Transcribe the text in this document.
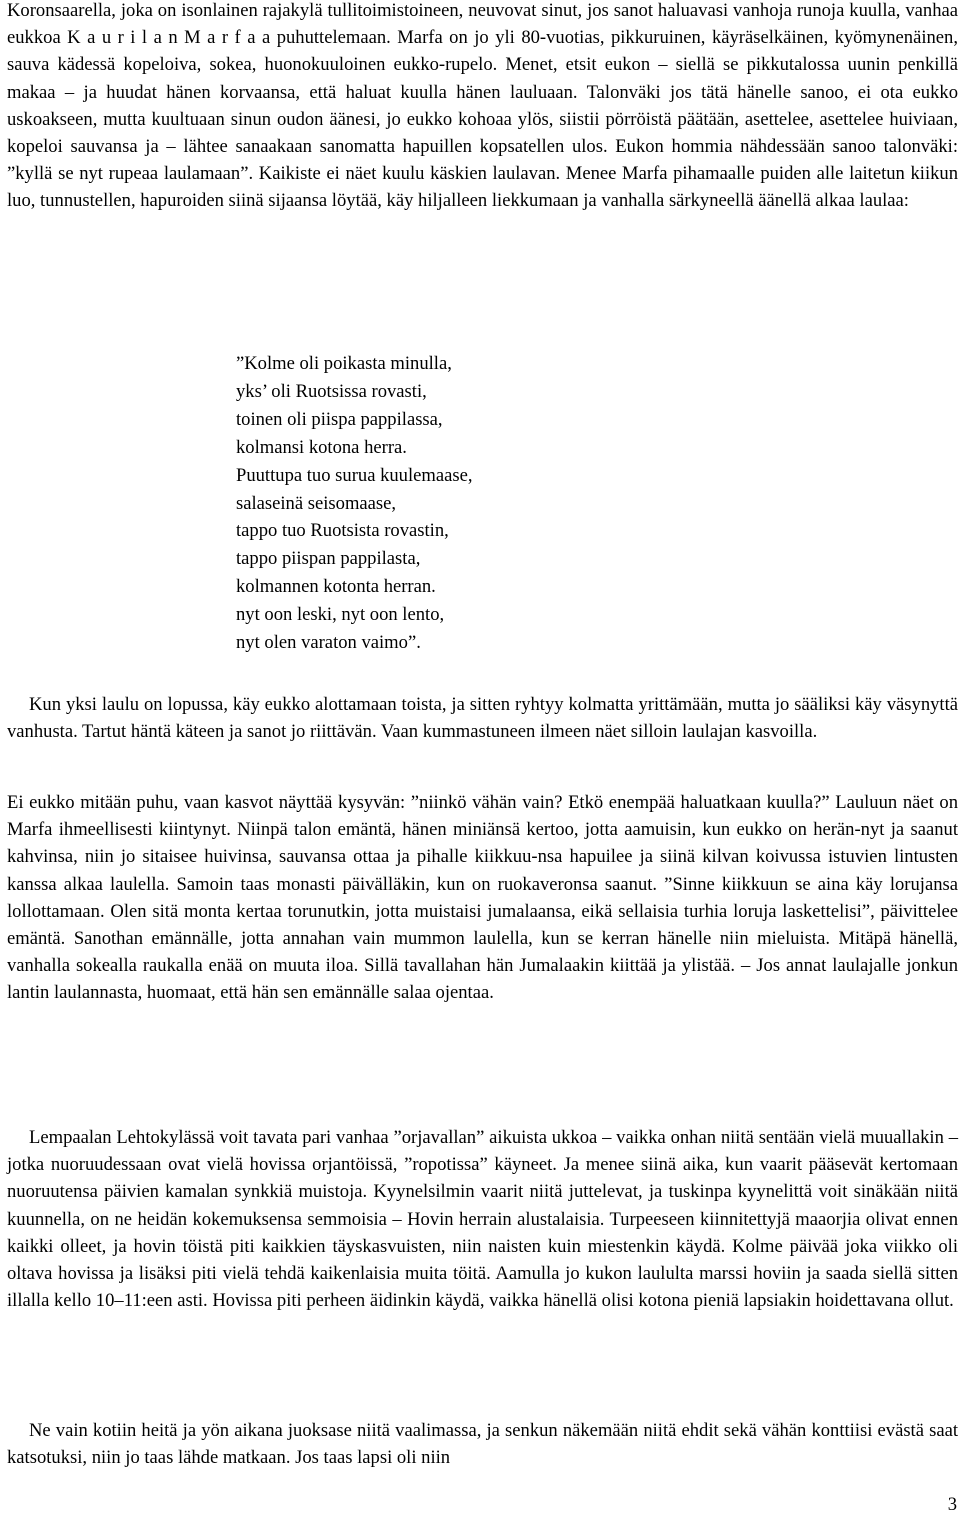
Koronsaarella, joka on isonlainen rajakylä tullitoimistoineen, neuvovat sinut, jos sanot haluavasi vanhoja runoja kuulla, vanhaa eukkoa K a u r i l a n M a r f a a puhuttelemaan. Marfa on jo yli 80-vuotias, pikkuruinen, käyräselkäinen, kyömynenäinen, sauva kädessä kopeloiva, sokea, huonokuuloinen eukko-rupelo. Menet, etsit eukon – siellä se pikkutalossa uunin penkillä makaa – ja huudat hänen korvaansa, että haluat kuulla hänen lauluaan. Talonväki jos tätä hänelle sanoo, ei ota eukko uskoakseen, mutta kuultuaan sinun oudon äänesi, jo eukko kohoaa ylös, siistii pörröistä päätään, asettelee, asettelee huiviaan, kopeloi sauvansa ja – lähtee sanaakaan sanomatta hapuillen kopsatellen ulos. Eukon hommia nähdessään sanoo talonväki: ”kyllä se nyt rupeaa laulamaan”. Kaikiste ei näet kuulu käskien laulavan. Menee Marfa pihamaalle puiden alle laitetun kiikun luo, tunnustellen, hapuroiden siinä sijaansa löytää, käy hiljalleen liekkumaan ja vanhalla särkyneellä äänellä alkaa laulaa:

”Kolme oli poikasta minulla,
yks’ oli Ruotsissa rovasti,
toinen oli piispa pappilassa,
kolmansi kotona herra.
Puuttupa tuo surua kuulemaase,
salaseinä seisomaase,
tappo tuo Ruotsista rovastin,
tappo piispan pappilasta,
kolmannen kotonta herran.
nyt oon leski, nyt oon lento,
nyt olen varaton vaimo”.

Kun yksi laulu on lopussa, käy eukko alottamaan toista, ja sitten ryhtyy kolmatta yrittämään, mutta jo sääliksi käy väsynyttä vanhusta. Tartut häntä käteen ja sanot jo riittävän. Vaan kummastuneen ilmeen näet silloin laulajan kasvoilla.

Ei eukko mitään puhu, vaan kasvot näyttää kysyvän: ”niinkö vähän vain? Etkö enempää haluatkaan kuulla?” Lauluun näet on Marfa ihmeellisesti kiintynyt. Niinpä talon emäntä, hänen miniänsä kertoo, jotta aamuisin, kun eukko on herän-nyt ja saanut kahvinsa, niin jo sitaisee huivinsa, sauvansa ottaa ja pihalle kiikkuu-nsa hapuilee ja siinä kilvan koivussa istuvien lintusten kanssa alkaa laulella. Samoin taas monasti päivälläkin, kun on ruokaveronsa saanut. ”Sinne kiikkuun se aina käy lorujansa lollottamaan. Olen sitä monta kertaa torunutkin, jotta muistaisi jumalaansa, eikä sellaisia turhia loruja laskettelisi”, päivittelee emäntä. Sanothan emännälle, jotta annahan vain mummon laulella, kun se kerran hänelle niin mieluista. Mitäpä hänellä, vanhalla sokealla raukalla enää on muuta iloa. Sillä tavallahan hän Jumalaakin kiittää ja ylistää. – Jos annat laulajalle jonkun lantin laulannasta, huomaat, että hän sen emännälle salaa ojentaa.

Lempaalan Lehtokylässä voit tavata pari vanhaa ”orjavallan” aikuista ukkoa – vaikka onhan niitä sentään vielä muuallakin – jotka nuoruudessaan ovat vielä hovissa orjantöissä, ”ropotissa” käyneet. Ja menee siinä aika, kun vaarit pääsevät kertomaan nuoruutensa päivien kamalan synkkiä muistoja. Kyynelsilmin vaarit niitä juttelevat, ja tuskinpa kyynelittä voit sinäkään niitä kuunnella, on ne heidän kokemuksensa semmoisia – Hovin herrain alustalaisia. Turpeeseen kiinnitettyjä maaorjia olivat ennen kaikki olleet, ja hovin töistä piti kaikkien täyskasvuisten, niin naisten kuin miestenkin käydä. Kolme päivää joka viikko oli oltava hovissa ja lisäksi piti vielä tehdä kaikenlaisia muita töitä. Aamulla jo kukon laululta marssi hoviin ja saada siellä sitten illalla kello 10–11:een asti. Hovissa piti perheen äidinkin käydä, vaikka hänellä olisi kotona pieniä lapsiakin hoidettavana ollut.

Ne vain kotiin heitä ja yön aikana juoksase niitä vaalimassa, ja senkun näkemään niitä ehdit sekä vähän konttiisi evästä saat katsotuksi, niin jo taas lähde matkaan. Jos taas lapsi oli niin

3
